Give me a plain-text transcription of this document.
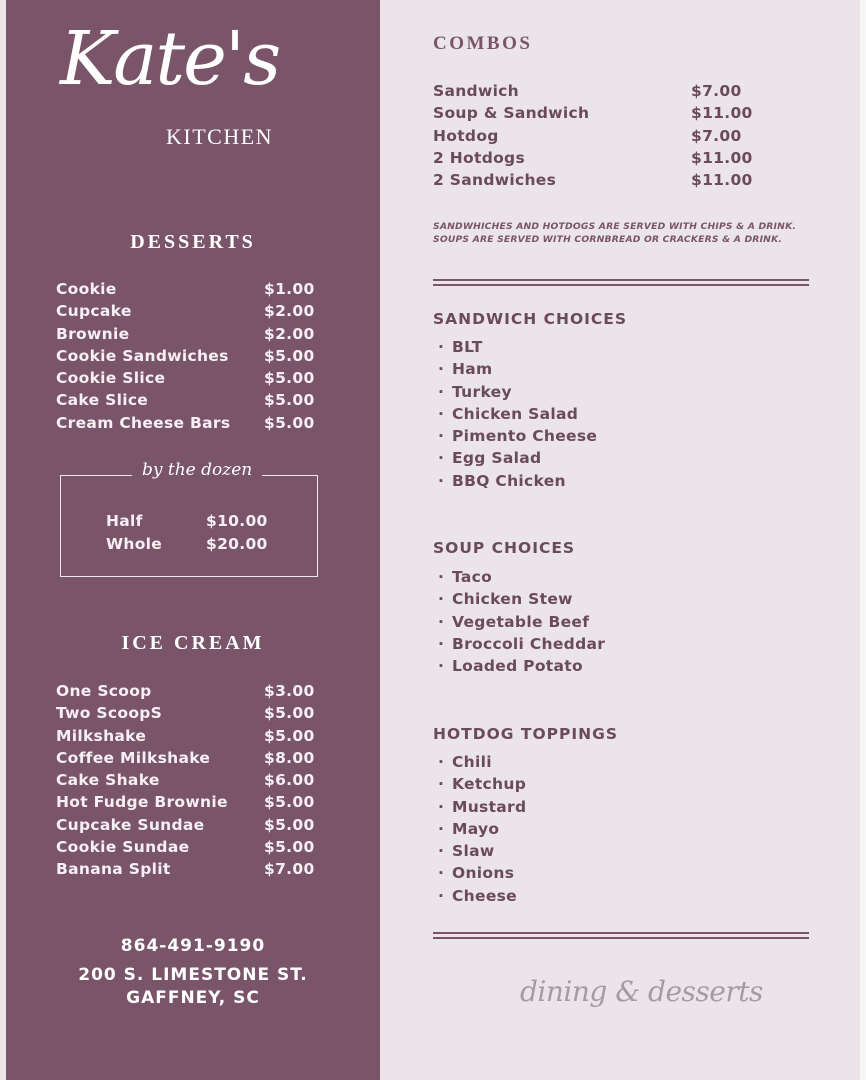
Kate's
KITCHEN
DESSERTS
Cookie	$1.00
Cupcake	$2.00
Brownie	$2.00
Cookie Sandwiches $5.00
Cookie Slice	$5.00
Cake Slice	$5.00
Cream Cheese Bars $5.00
by the dozen
Half	$10.00
Whole	$20.00
ICE CREAM
One Scoop	$3.00
Two ScoopS	$5.00
Milkshake	$5.00
Coffee Milkshake	$8.00
Cake Shake	$6.00
Hot Fudge Brownie $5.00
Cupcake Sundae	$5.00
Cookie Sundae	$5.00
Banana Split	$7.00
864-491-9190
200 S. LIMESTONE ST.
GAFFNEY, SC
COMBOS
Sandwich	$7.00
Soup & Sandwich	$11.00
Hotdog	$7.00
2 Hotdogs	$11.00
2 Sandwiches	$11.00
SANDWHICHES AND HOTDOGS ARE SERVED WITH CHIPS & A DRINK.
SOUPS ARE SERVED WITH CORNBREAD OR CRACKERS & A DRINK.
SANDWICH CHOICES
· BLT
· Ham
· Turkey
· Chicken Salad
· Pimento Cheese
· Egg Salad
· BBQ Chicken
SOUP CHOICES
· Taco
· Chicken Stew
· Vegetable Beef
· Broccoli Cheddar
· Loaded Potato
HOTDOG TOPPINGS
· Chili
· Ketchup
· Mustard
· Mayo
· Slaw
· Onions
· Cheese
dining & desserts
